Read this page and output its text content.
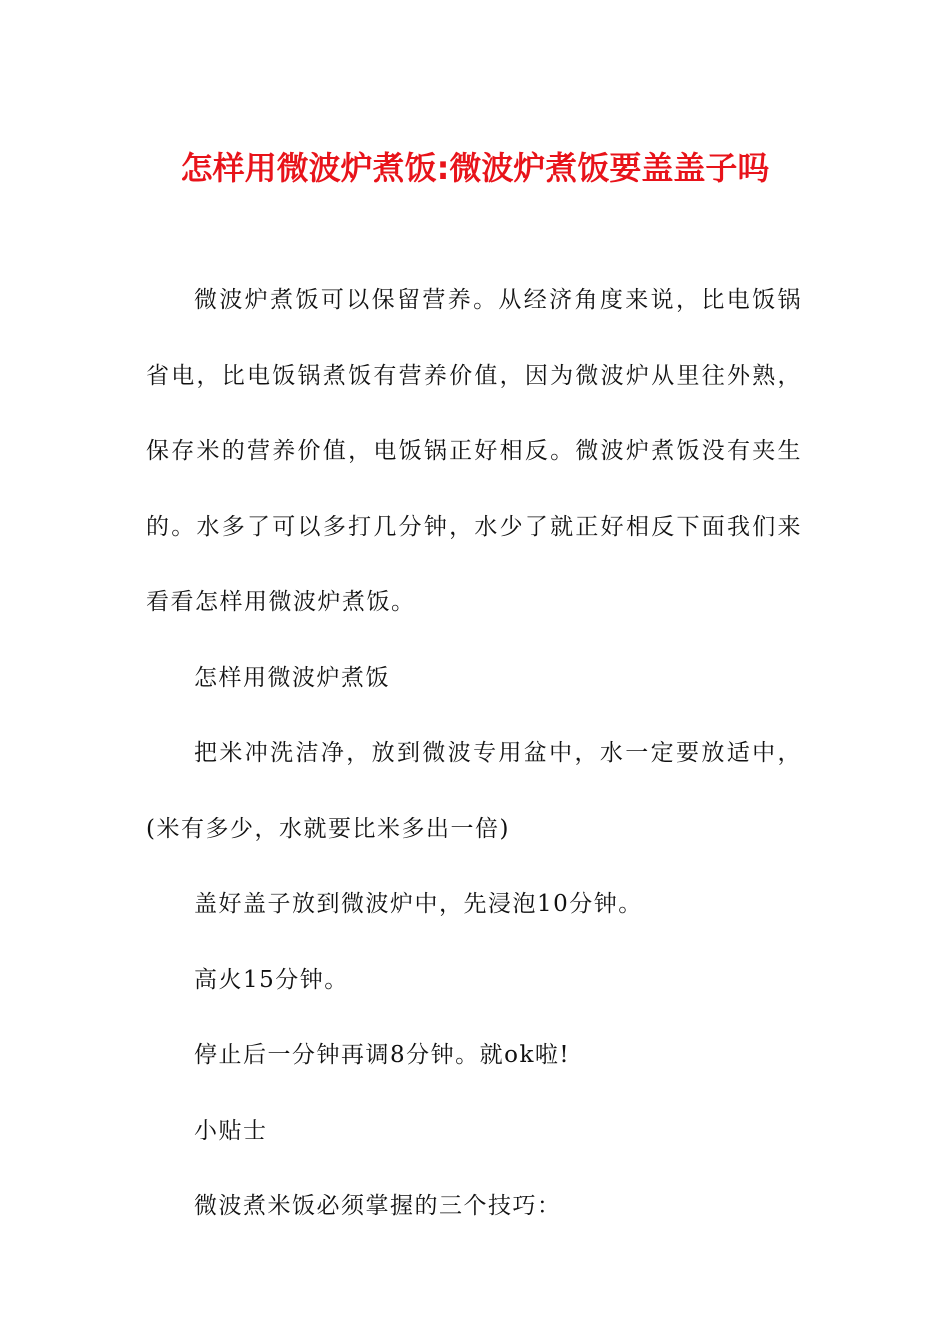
怎样用微波炉煮饭:微波炉煮饭要盖盖子吗

微波炉煮饭可以保留营养。从经济角度来说，比电饭锅省电，比电饭锅煮饭有营养价值，因为微波炉从里往外熟，保存米的营养价值，电饭锅正好相反。微波炉煮饭没有夹生的。水多了可以多打几分钟，水少了就正好相反下面我们来看看怎样用微波炉煮饭。

怎样用微波炉煮饭

把米冲洗洁净，放到微波专用盆中，水一定要放适中，(米有多少，水就要比米多出一倍)

盖好盖子放到微波炉中，先浸泡10分钟。

高火15分钟。

停止后一分钟再调8分钟。就ok啦!

小贴士

微波煮米饭必须掌握的三个技巧：
